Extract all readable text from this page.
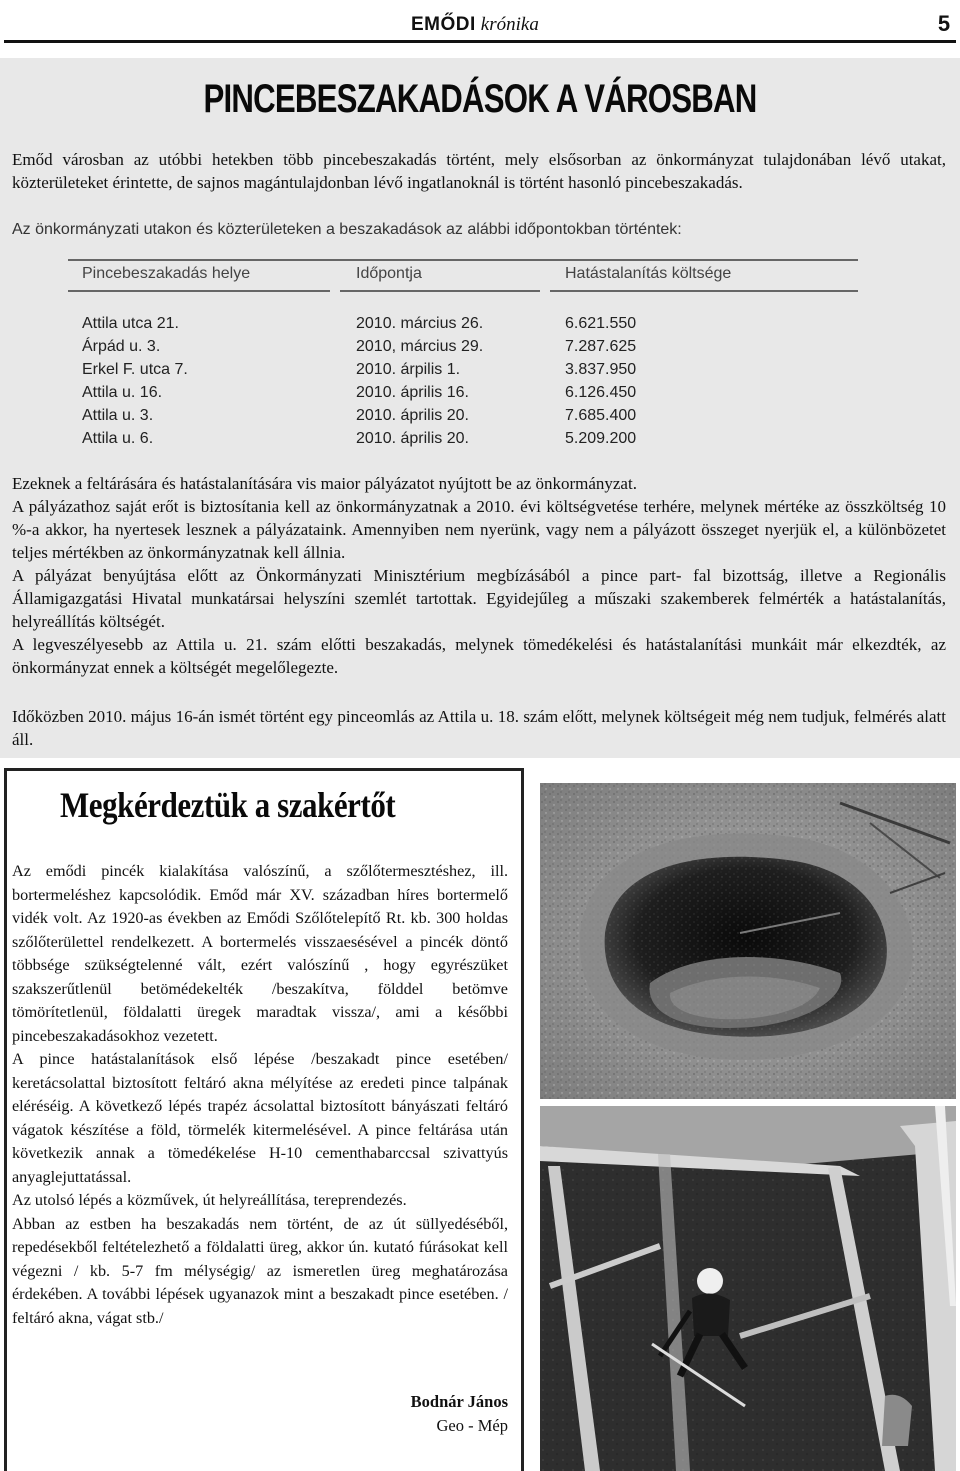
EMŐDI krónika	5
PINCEBESZAKADÁSOK A VÁROSBAN

Emőd városban az utóbbi hetekben több pincebeszakadás történt, mely elsősorban az önkormányzat tulajdonában lévő utakat, közterületeket érintette, de sajnos magántulajdonban lévő ingatlanoknál is történt hasonló pincebeszakadás.

Az önkormányzati utakon és közterületeken a beszakadások az alábbi időpontokban történtek:

Pincebeszakadás helye	Időpontja	Hatástalanítás költsége
Attila utca 21.	2010. március 26.	6.621.550
Árpád u. 3.	2010, március 29.	7.287.625
Erkel F. utca 7.	2010. árpilis 1.	3.837.950
Attila u. 16.	2010. április 16.	6.126.450
Attila u. 3.	2010. április 20.	7.685.400
Attila u. 6.	2010. április 20.	5.209.200

Ezeknek a feltárására és hatástalanítására vis maior pályázatot nyújtott be az önkormányzat.

A pályázathoz saját erőt is biztosítania kell az önkormányzatnak a 2010. évi költségvetése terhére, melynek mértéke az összköltség 10 %-a akkor, ha nyertesek lesznek a pályázataink. Amennyiben nem nyerünk, vagy nem a pályázott összeget nyerjük el, a különbözetet teljes mértékben az önkormányzatnak kell állnia.

A pályázat benyújtása előtt az Önkormányzati Minisztérium megbízásából a pince part- fal bizottság, illetve a Regionális Államigazgatási Hivatal munkatársai helyszíni szemlét tartottak. Egyidejűleg a műszaki szakemberek felmérték a hatástalanítás, helyreállítás költségét.

A legveszélyesebb az Attila u. 21. szám előtti beszakadás, melynek tömedékelési és hatástalanítási munkáit már elkezdték, az önkormányzat ennek a költségét megelőlegezte.

Időközben 2010. május 16-án ismét történt egy pinceomlás az Attila u. 18. szám előtt, melynek költségeit még nem tudjuk, felmérés alatt áll.

Megkérdeztük a szakértőt

Az emődi pincék kialakítása valószínű, a szőlőtermesztéshez, ill. bortermeléshez kapcsolódik. Emőd már XV. században híres bortermelő vidék volt. Az 1920-as években az Emődi Szőlőtelepítő Rt. kb. 300 holdas szőlőterülettel rendelkezett. A bortermelés visszaesésével a pincék döntő többsége szükségtelenné vált, ezért valószínű , hogy egyrészüket szakszerűtlenül betömédekelték /beszakítva, földdel betömve tömörítetlenül, földalatti üregek maradtak vissza/, ami a későbbi pincebeszakadásokhoz vezetett.

A pince hatástalanítások első lépése /beszakadt pince esetében/ keretácsolattal biztosított feltáró akna mélyítése az eredeti pince talpának eléréséig. A következő lépés trapéz ácsolattal biztosított bányászati feltáró vágatok készítése a föld, törmelék kitermelésével. A pince feltárása után következik annak a tömedékelése H-10 cementhabarccsal szivattyús anyaglejuttatással.

Az utolsó lépés a közművek, út helyreállítása, tereprendezés.

Abban az estben ha beszakadás nem történt, de az út süllyedéséből, repedésekből feltételezhető a földalatti üreg, akkor ún. kutató fúrásokat kell végezni / kb. 5-7 fm mélységig/ az ismeretlen üreg meghatározása érdekében. A további lépések ugyanazok mint a beszakadt pince esetében. / feltáró akna, vágat stb./

Bodnár János
Geo - Mép
